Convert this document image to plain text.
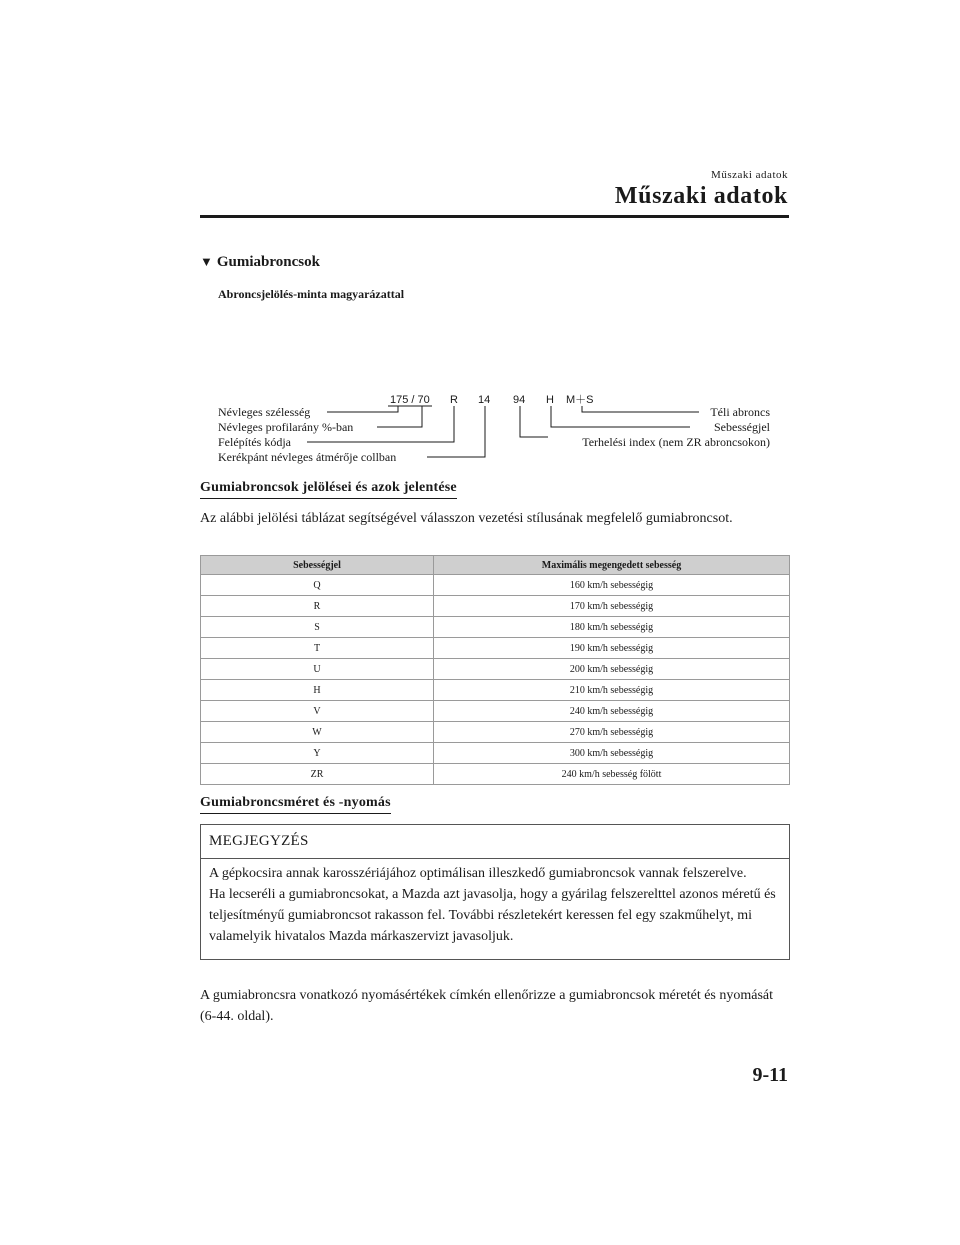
Műszaki adatok
Műszaki adatok
▼ Gumiabroncsok
Abroncsjelölés-minta magyarázattal
175 / 70 R 14 94 H M＋S
Névleges szélesség
Névleges profilarány %-ban
Felépítés kódja
Kerékpánt névleges átmérője collban
Téli abroncs
Sebességjel
Terhelési index (nem ZR abroncsokon)
Gumiabroncsok jelölései és azok jelentése
Az alábbi jelölési táblázat segítségével válasszon vezetési stílusának megfelelő gumiabroncsot.
Sebességjel	Maximális megengedett sebesség
Q	160 km/h sebességig
R	170 km/h sebességig
S	180 km/h sebességig
T	190 km/h sebességig
U	200 km/h sebességig
H	210 km/h sebességig
V	240 km/h sebességig
W	270 km/h sebességig
Y	300 km/h sebességig
ZR	240 km/h sebesség fölött
Gumiabroncsméret és -nyomás
MEGJEGYZÉS
A gépkocsira annak karosszériájához optimálisan illeszkedő gumiabroncsok vannak felszerelve.
Ha lecseréli a gumiabroncsokat, a Mazda azt javasolja, hogy a gyárilag felszerelttel azonos méretű és teljesítményű gumiabroncsot rakasson fel. További részletekért keressen fel egy szakműhelyt, mi valamelyik hivatalos Mazda márkaszervizt javasoljuk.
A gumiabroncsra vonatkozó nyomásértékek címkén ellenőrizze a gumiabroncsok méretét és nyomását (6-44. oldal).
9-11
